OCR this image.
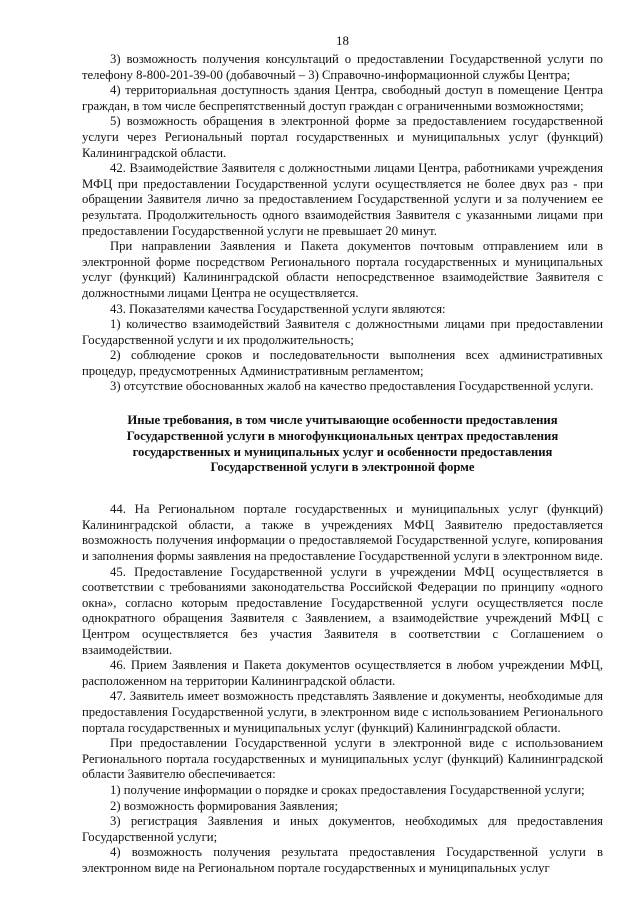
18

3) возможность получения консультаций о предоставлении Государственной услуги по телефону 8-800-201-39-00 (добавочный – 3) Справочно-информационной службы Центра;

4) территориальная доступность здания Центра, свободный доступ в помещение Центра граждан, в том числе беспрепятственный доступ граждан с ограниченными возможностями;

5) возможность обращения в электронной форме за предоставлением государственной услуги через Региональный портал государственных и муниципальных услуг (функций) Калининградской области.

42. Взаимодействие Заявителя с должностными лицами Центра, работниками учреждения МФЦ при предоставлении Государственной услуги осуществляется не более двух раз - при обращении Заявителя лично за предоставлением Государственной услуги и за получением ее результата. Продолжительность одного взаимодействия Заявителя с указанными лицами при предоставлении Государственной услуги не превышает 20 минут.

При направлении Заявления и Пакета документов почтовым отправлением или в электронной форме посредством Регионального портала государственных и муниципальных услуг (функций) Калининградской области непосредственное взаимодействие Заявителя с должностными лицами Центра не осуществляется.

43. Показателями качества Государственной услуги являются:

1) количество взаимодействий Заявителя с должностными лицами при предоставлении Государственной услуги и их продолжительность;

2) соблюдение сроков и последовательности выполнения всех административных процедур, предусмотренных Административным регламентом;

3) отсутствие обоснованных жалоб на качество предоставления Государственной услуги.

Иные требования, в том числе учитывающие особенности предоставления
Государственной услуги в многофункциональных центрах предоставления
государственных и муниципальных услуг и особенности предоставления
Государственной услуги в электронной форме

44. На Региональном портале государственных и муниципальных услуг (функций) Калининградской области, а также в учреждениях МФЦ Заявителю предоставляется возможность получения информации о предоставляемой Государственной услуге, копирования и заполнения формы заявления на предоставление Государственной услуги в электронном виде.

45. Предоставление Государственной услуги в учреждении МФЦ осуществляется в соответствии с требованиями законодательства Российской Федерации по принципу «одного окна», согласно которым предоставление Государственной услуги осуществляется после однократного обращения Заявителя с Заявлением, а взаимодействие учреждений МФЦ с Центром осуществляется без участия Заявителя в соответствии с Соглашением о взаимодействии.

46. Прием Заявления и Пакета документов осуществляется в любом учреждении МФЦ, расположенном на территории Калининградской области.

47. Заявитель имеет возможность представлять Заявление и документы, необходимые для предоставления Государственной услуги, в электронном виде с использованием Регионального портала государственных и муниципальных услуг (функций) Калининградской области.

При предоставлении Государственной услуги в электронной виде с использованием Регионального портала государственных и муниципальных услуг (функций) Калининградской области Заявителю обеспечивается:

1) получение информации о порядке и сроках предоставления Государственной услуги;

2) возможность формирования Заявления;

3) регистрация Заявления и иных документов, необходимых для предоставления Государственной услуги;

4) возможность получения результата предоставления Государственной услуги в электронном виде на Региональном портале государственных и муниципальных услуг
